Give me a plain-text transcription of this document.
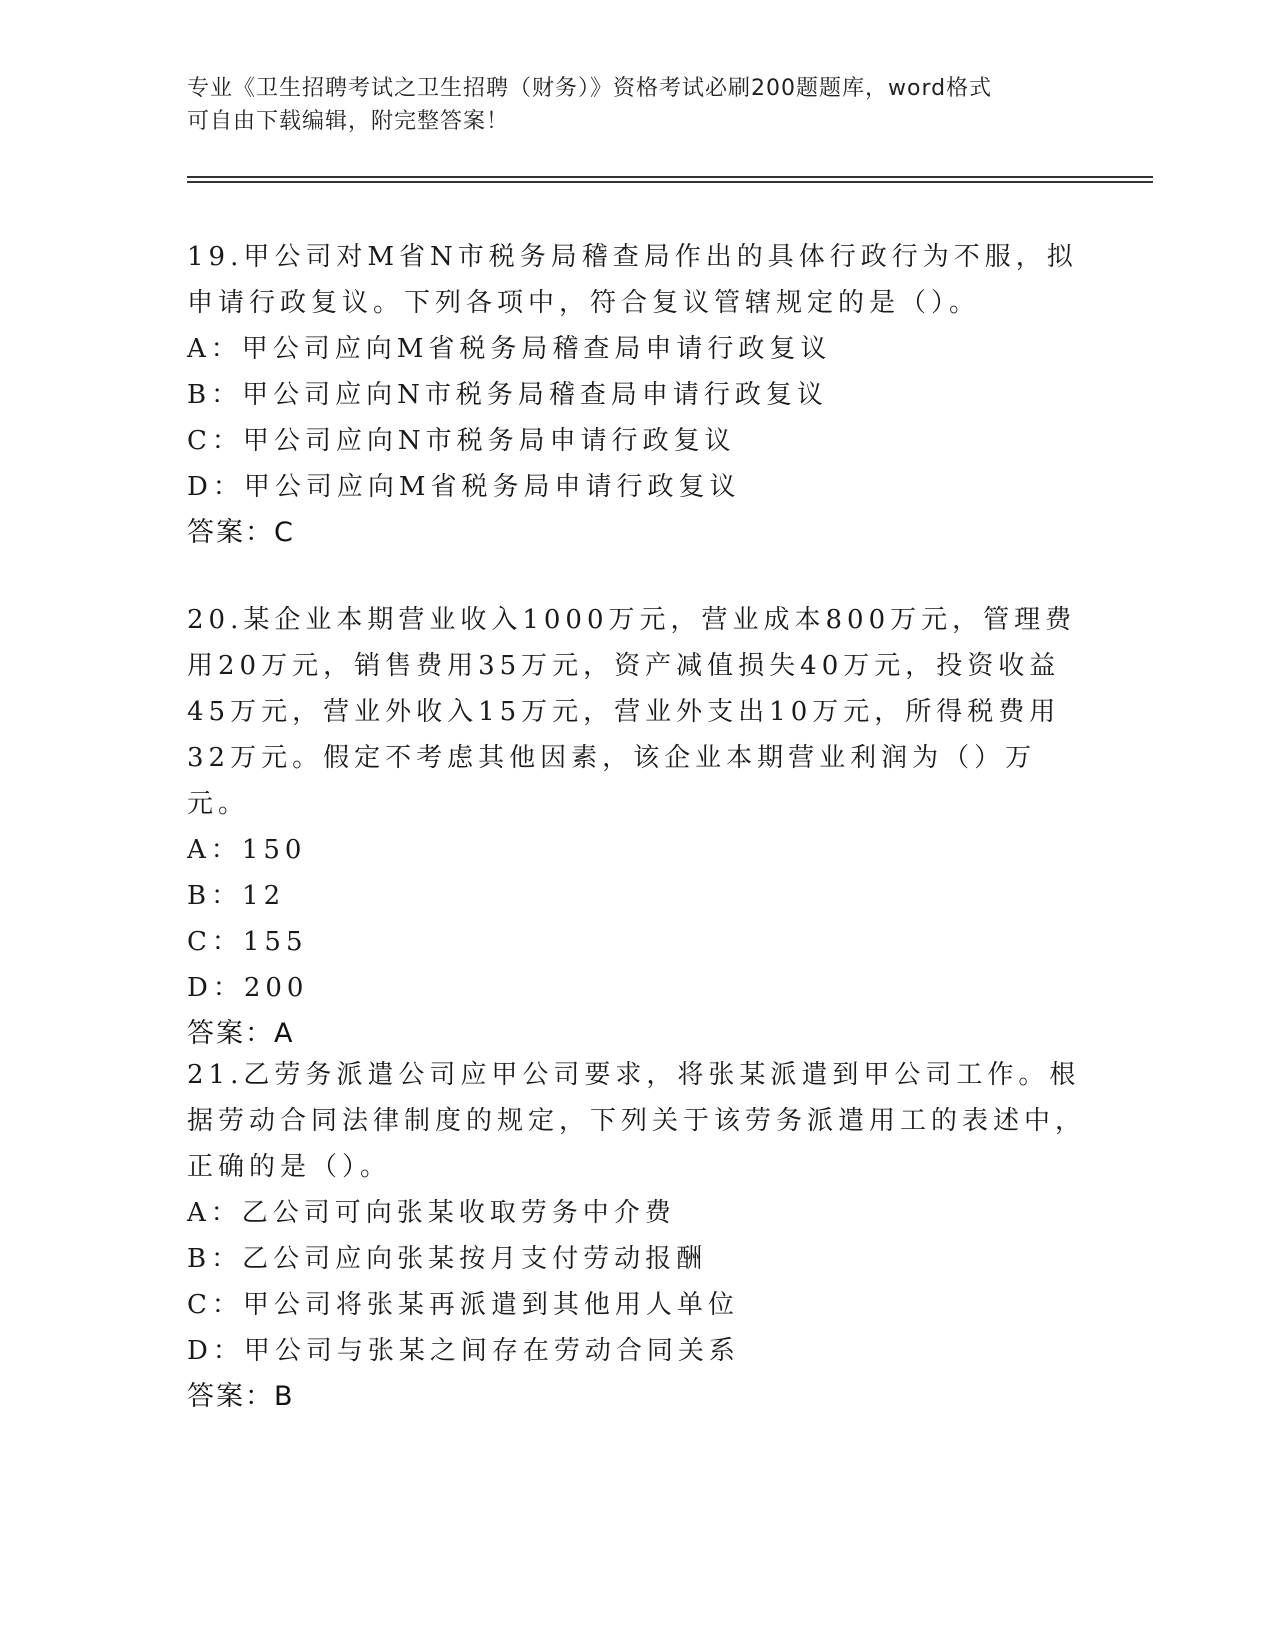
专业《卫生招聘考试之卫生招聘（财务）》资格考试必刷200题题库，word格式
可自由下载编辑，附完整答案！

19.甲公司对M省N市税务局稽查局作出的具体行政行为不服，拟申请行政复议。下列各项中，符合复议管辖规定的是（）。

A：甲公司应向M省税务局稽查局申请行政复议

B：甲公司应向N市税务局稽查局申请行政复议

C：甲公司应向N市税务局申请行政复议

D：甲公司应向M省税务局申请行政复议

答案：C

20.某企业本期营业收入1000万元，营业成本800万元，管理费用20万元，销售费用35万元，资产减值损失40万元，投资收益45万元，营业外收入15万元，营业外支出10万元，所得税费用32万元。假定不考虑其他因素，该企业本期营业利润为（）万元。

A：150

B：12

C：155

D：200

答案：A

21.乙劳务派遣公司应甲公司要求，将张某派遣到甲公司工作。根据劳动合同法律制度的规定，下列关于该劳务派遣用工的表述中，正确的是（）。

A：乙公司可向张某收取劳务中介费

B：乙公司应向张某按月支付劳动报酬

C：甲公司将张某再派遣到其他用人单位

D：甲公司与张某之间存在劳动合同关系

答案：B
